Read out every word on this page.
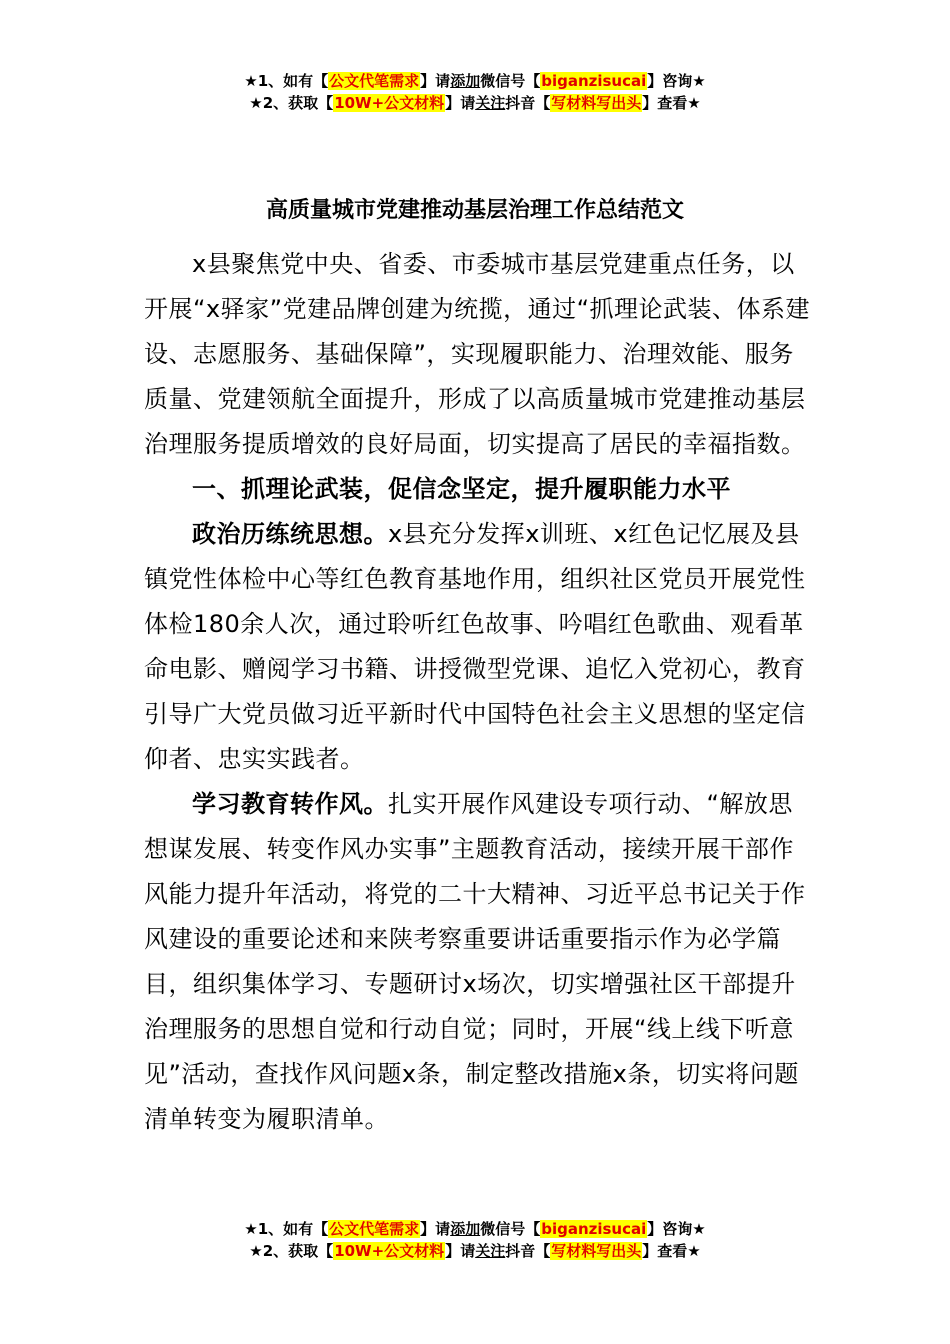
★1、如有【公文代笔需求】请添加微信号【biganzisucai】咨询★
★2、获取【10W+公文材料】请关注抖音【写材料写出头】查看★
高质量城市党建推动基层治理工作总结范文

x县聚焦党中央、省委、市委城市基层党建重点任务，以开展“x驿家”党建品牌创建为统揽，通过“抓理论武装、体系建设、志愿服务、基础保障”，实现履职能力、治理效能、服务质量、党建领航全面提升，形成了以高质量城市党建推动基层治理服务提质增效的良好局面，切实提高了居民的幸福指数。

一、抓理论武装，促信念坚定，提升履职能力水平

政治历练统思想。x县充分发挥x训班、x红色记忆展及县镇党性体检中心等红色教育基地作用，组织社区党员开展党性体检180余人次，通过聆听红色故事、吟唱红色歌曲、观看革命电影、赠阅学习书籍、讲授微型党课、追忆入党初心，教育引导广大党员做习近平新时代中国特色社会主义思想的坚定信仰者、忠实实践者。

学习教育转作风。扎实开展作风建设专项行动、“解放思想谋发展、转变作风办实事”主题教育活动，接续开展干部作风能力提升年活动，将党的二十大精神、习近平总书记关于作风建设的重要论述和来陕考察重要讲话重要指示作为必学篇目，组织集体学习、专题研讨x场次，切实增强社区干部提升治理服务的思想自觉和行动自觉；同时，开展“线上线下听意见”活动，查找作风问题x条，制定整改措施x条，切实将问题清单转变为履职清单。

★1、如有【公文代笔需求】请添加微信号【biganzisucai】咨询★
★2、获取【10W+公文材料】请关注抖音【写材料写出头】查看★
